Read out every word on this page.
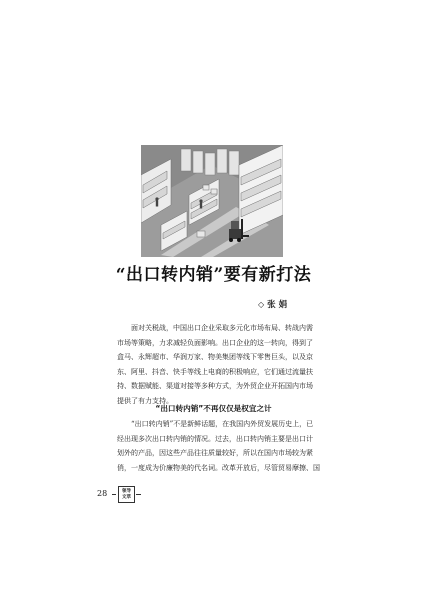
“出口转内销”要有新打法
◇ 张 娟
面对关税战，中国出口企业采取多元化市场布局、转战内需
市场等策略，力求减轻负面影响。出口企业的这一转向，得到了
盒马、永辉超市、华润万家、物美集团等线下零售巨头，以及京
东、阿里、抖音、快手等线上电商的积极响应，它们通过流量扶
持、数据赋能、渠道对接等多种方式，为外贸企业开拓国内市场
提供了有力支持。
“出口转内销”不再仅仅是权宜之计
“出口转内销”不是新鲜话题，在我国内外贸发展历史上，已
经出现多次出口转内销的情况。过去，出口转内销主要是出口计
划外的产品，因这些产品往往质量较好，所以在国内市场较为紧
俏，一度成为价廉物美的代名词。改革开放后，尽管贸易摩擦、国
28	领导
文萃
